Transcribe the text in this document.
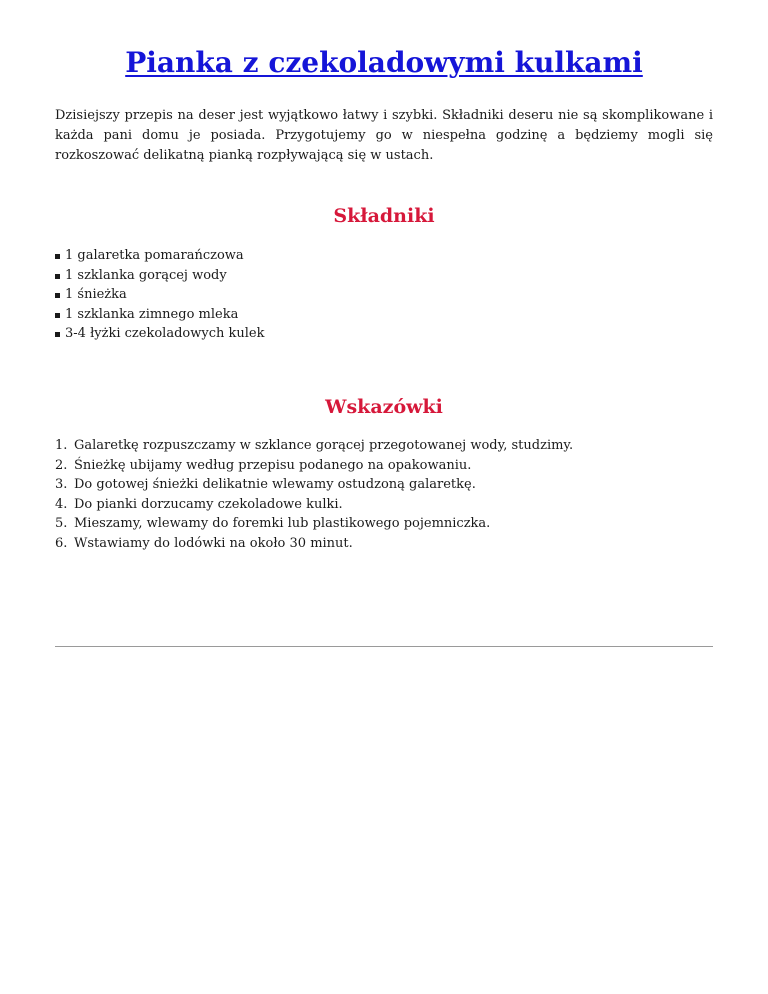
Pianka z czekoladowymi kulkami

Dzisiejszy przepis na deser jest wyjątkowo łatwy i szybki. Składniki deseru nie są skomplikowane i każda pani domu je posiada. Przygotujemy go w niespełna godzinę a będziemy mogli się rozkoszować delikatną pianką rozpływającą się w ustach.

Składniki
1 galaretka pomarańczowa
1 szklanka gorącej wody
1 śnieżka
1 szklanka zimnego mleka
3-4 łyżki czekoladowych kulek
Wskazówki
1. Galaretkę rozpuszczamy w szklance gorącej przegotowanej wody, studzimy.
2. Śnieżkę ubijamy według przepisu podanego na opakowaniu.
3. Do gotowej śnieżki delikatnie wlewamy ostudzoną galaretkę.
4. Do pianki dorzucamy czekoladowe kulki.
5. Mieszamy, wlewamy do foremki lub plastikowego pojemniczka.
6. Wstawiamy do lodówki na około 30 minut.
